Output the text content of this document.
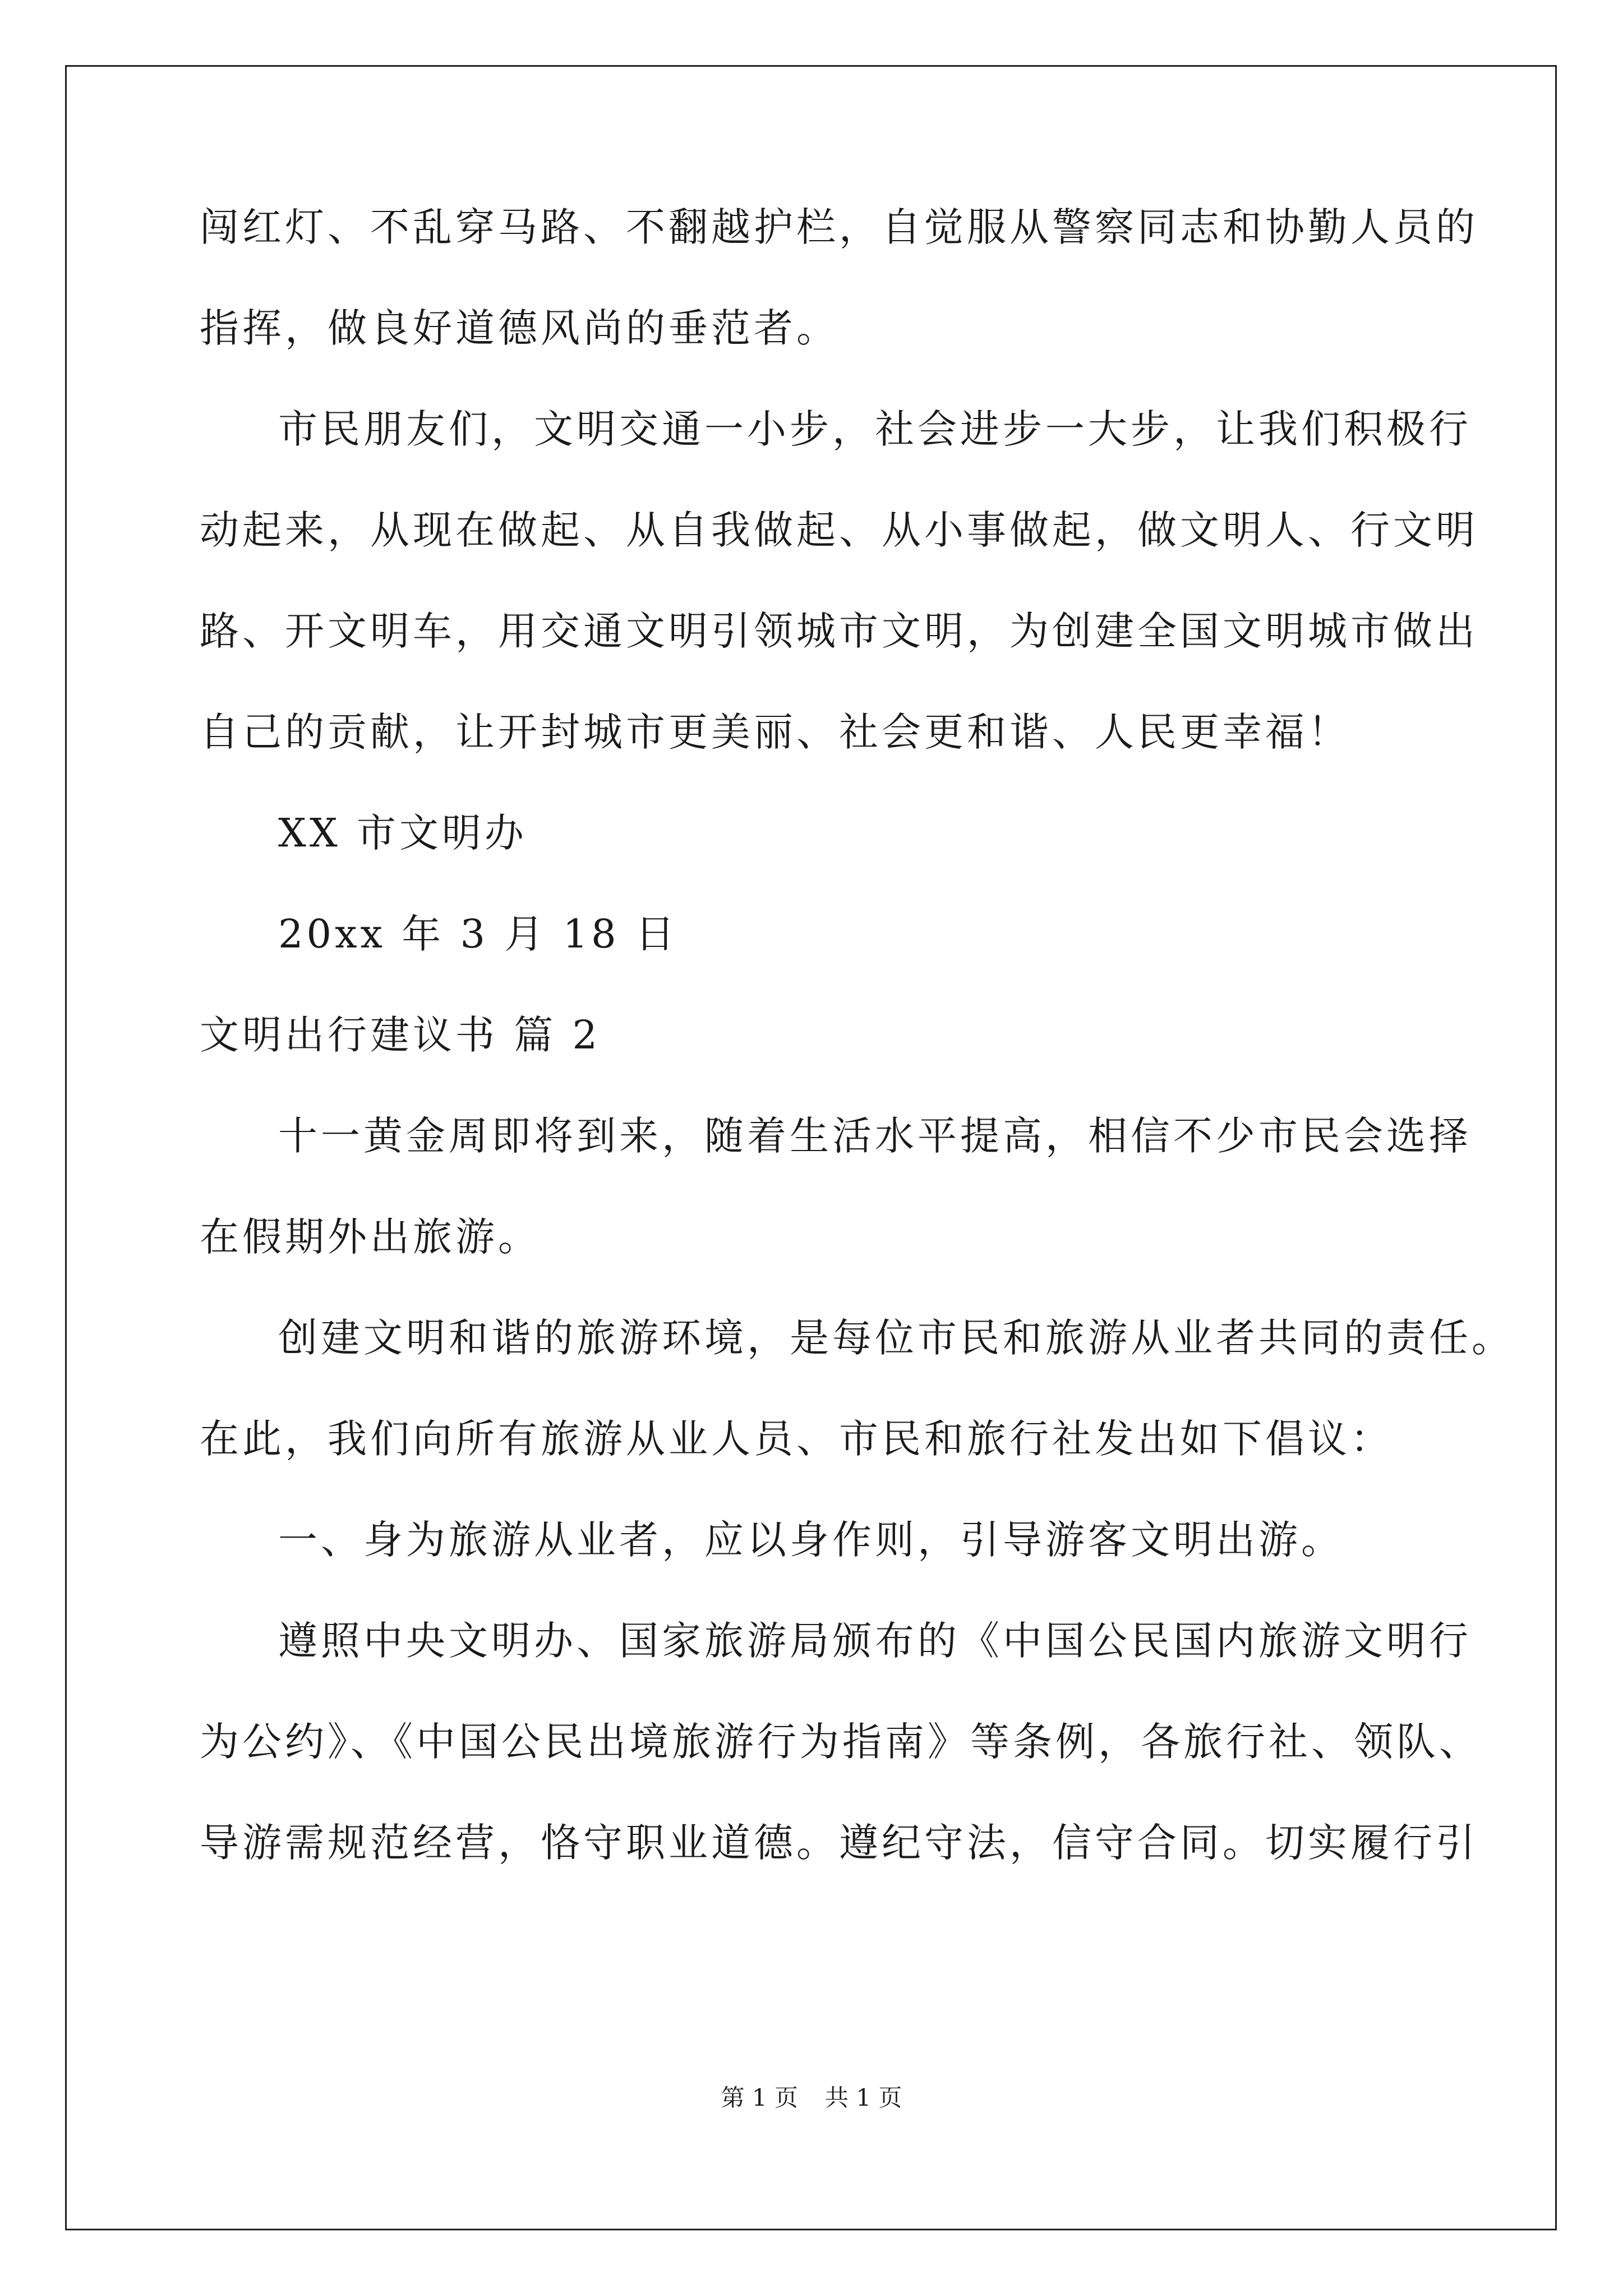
闯红灯、不乱穿马路、不翻越护栏，自觉服从警察同志和协勤人员的
指挥，做良好道德风尚的垂范者。
市民朋友们，文明交通一小步，社会进步一大步，让我们积极行
动起来，从现在做起、从自我做起、从小事做起，做文明人、行文明
路、开文明车，用交通文明引领城市文明，为创建全国文明城市做出
自己的贡献，让开封城市更美丽、社会更和谐、人民更幸福！
XX 市文明办
20xx 年 3 月 18 日
文明出行建议书 篇 2
十一黄金周即将到来，随着生活水平提高，相信不少市民会选择
在假期外出旅游。
创建文明和谐的旅游环境，是每位市民和旅游从业者共同的责任。
在此，我们向所有旅游从业人员、市民和旅行社发出如下倡议：
一、身为旅游从业者，应以身作则，引导游客文明出游。
遵照中央文明办、国家旅游局颁布的《中国公民国内旅游文明行
为公约》、《中国公民出境旅游行为指南》等条例，各旅行社、领队、
导游需规范经营，恪守职业道德。遵纪守法，信守合同。切实履行引
第 1 页 共 1 页
